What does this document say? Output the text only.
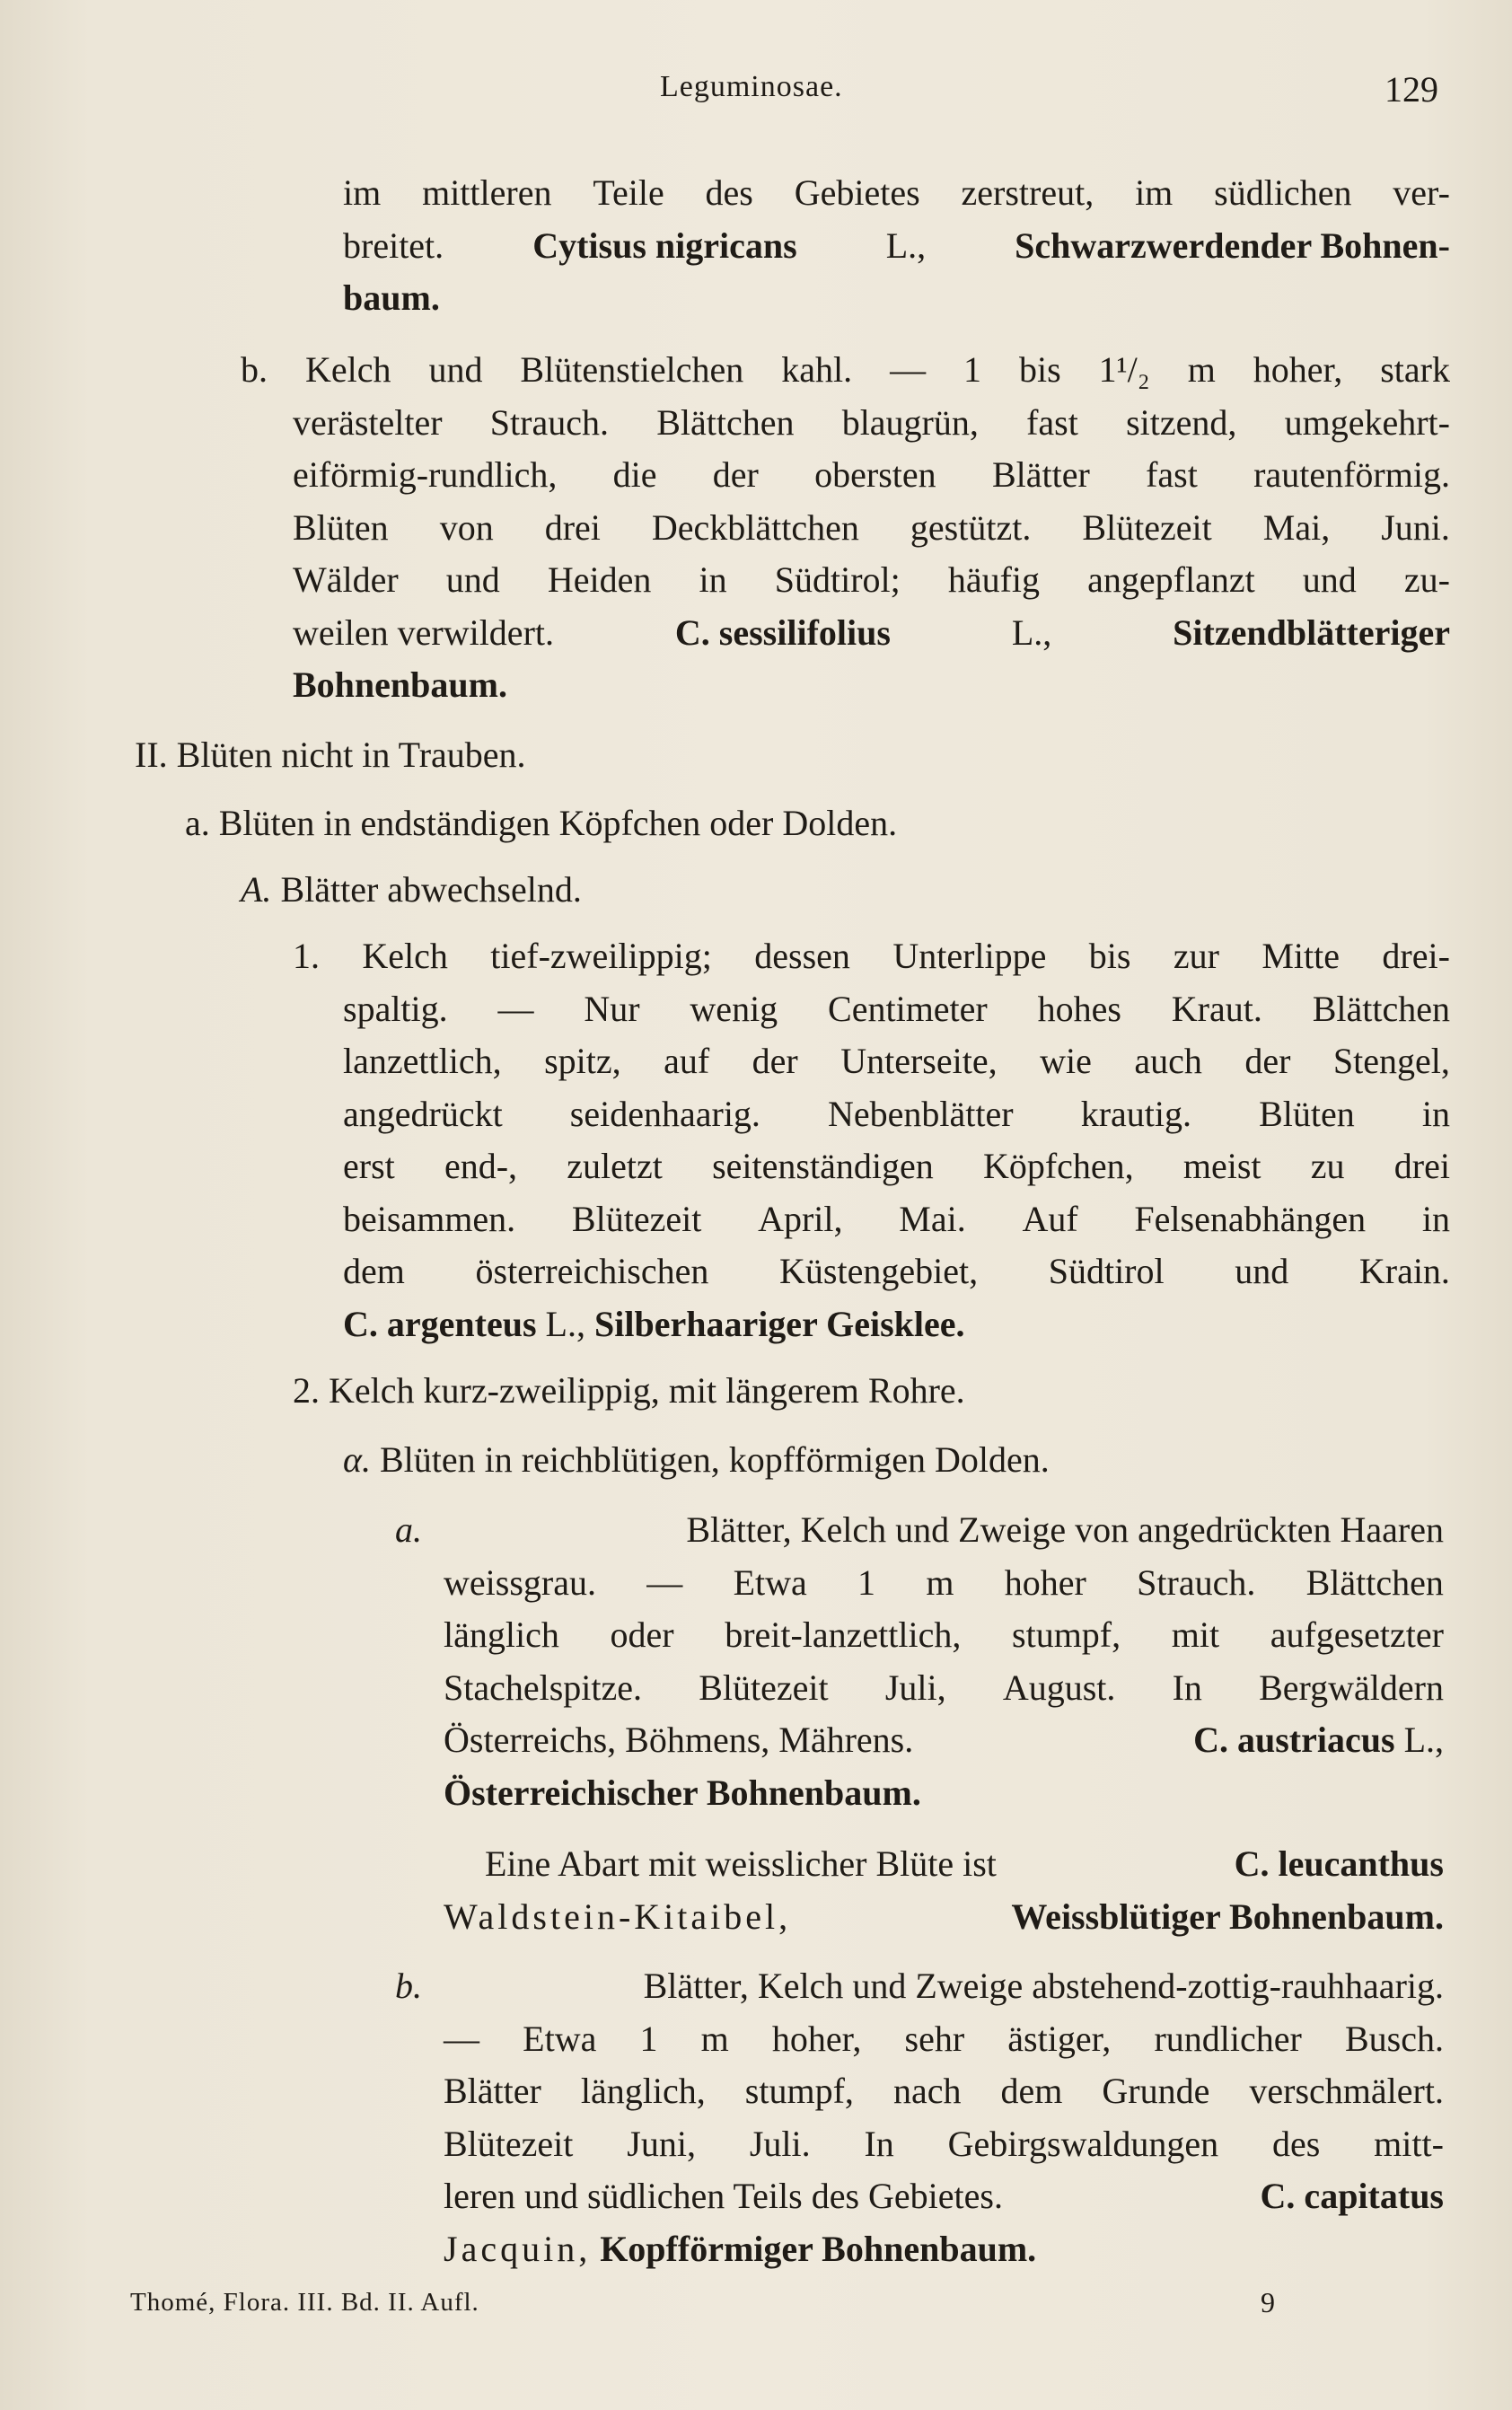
Leguminosae.	129
im mittleren Teile des Gebietes zerstreut, im südlichen ver-
breitet. Cytisus nigricans L., Schwarzwerdender Bohnen-
baum.
b. Kelch und Blütenstielchen kahl. — 1 bis 1¹/₂ m hoher, stark
verästelter Strauch. Blättchen blaugrün, fast sitzend, umgekehrt-
eiförmig-rundlich, die der obersten Blätter fast rautenförmig.
Blüten von drei Deckblättchen gestützt. Blütezeit Mai, Juni.
Wälder und Heiden in Südtirol; häufig angepflanzt und zu-
weilen verwildert.	C. sessilifolius	L.,	Sitzendblätteriger
Bohnenbaum.
II. Blüten nicht in Trauben.
a. Blüten in endständigen Köpfchen oder Dolden.
A. Blätter abwechselnd.
1. Kelch tief-zweilippig; dessen Unterlippe bis zur Mitte drei-
spaltig. — Nur wenig Centimeter hohes Kraut. Blättchen
lanzettlich, spitz, auf der Unterseite, wie auch der Stengel,
angedrückt seidenhaarig. Nebenblätter krautig. Blüten in
erst end-, zuletzt seitenständigen Köpfchen, meist zu drei
beisammen. Blütezeit April, Mai. Auf Felsenabhängen in
dem österreichischen Küstengebiet, Südtirol und Krain.
C. argenteus L., Silberhaariger Geisklee.
2. Kelch kurz-zweilippig, mit längerem Rohre.
α. Blüten in reichblütigen, kopfförmigen Dolden.
a.	Blätter, Kelch und Zweige von angedrückten Haaren
weissgrau. — Etwa 1 m hoher Strauch. Blättchen
länglich oder breit-lanzettlich, stumpf, mit aufgesetzter
Stachelspitze. Blütezeit Juli, August. In Bergwäldern
Österreichs, Böhmens, Mährens.	C. austriacus L.,
Österreichischer Bohnenbaum.
Eine Abart mit weisslicher Blüte ist	C. leucanthus
Waldstein-Kitaibel,	Weissblütiger Bohnenbaum.
b.	Blätter, Kelch und Zweige abstehend-zottig-rauhhaarig.
— Etwa 1 m hoher, sehr ästiger, rundlicher Busch.
Blätter länglich, stumpf, nach dem Grunde verschmälert.
Blütezeit Juni, Juli. In Gebirgswaldungen des mitt-
leren und südlichen Teils des Gebietes.	C. capitatus
Jacquin, Kopfförmiger Bohnenbaum.
Thomé, Flora. III. Bd. II. Aufl.	9
